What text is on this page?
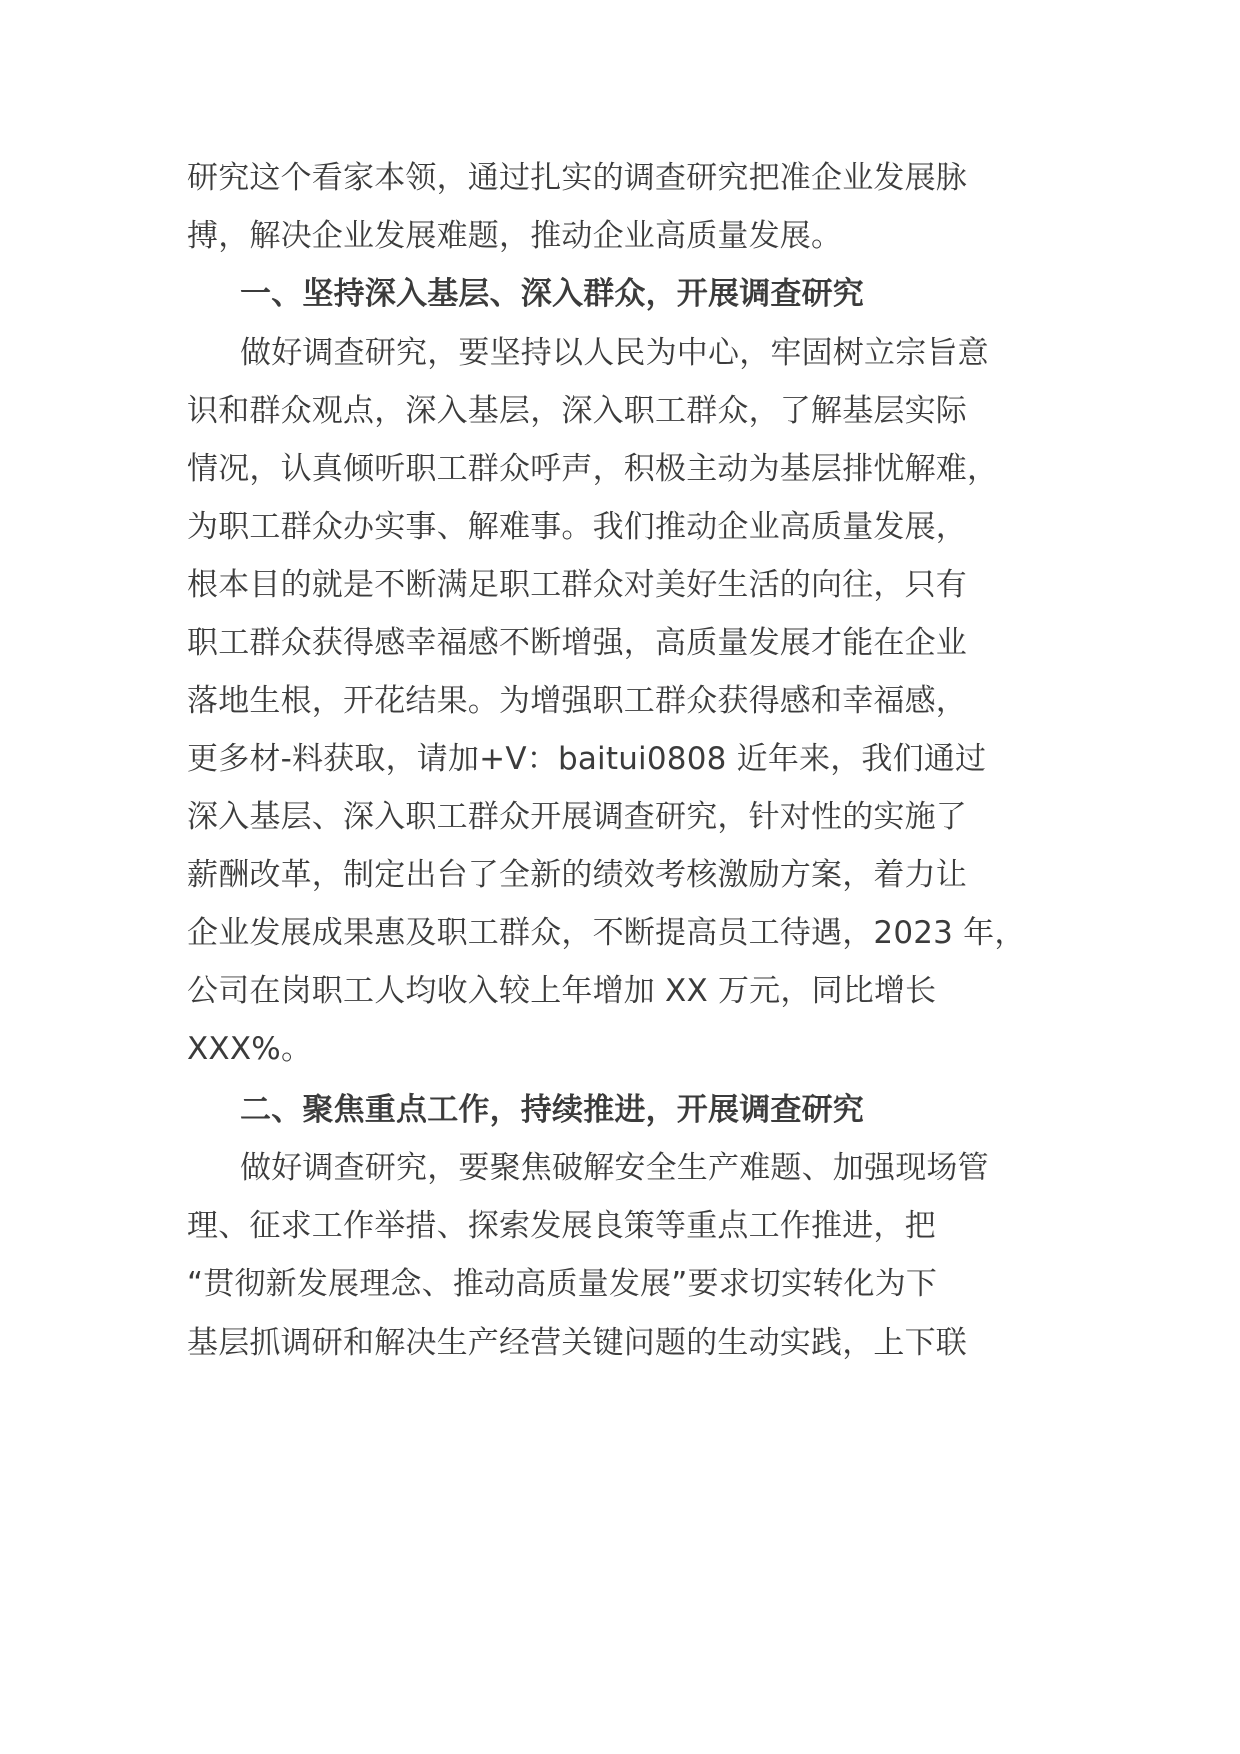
研究这个看家本领，通过扎实的调查研究把准企业发展脉
搏，解决企业发展难题，推动企业高质量发展。
一、坚持深入基层、深入群众，开展调查研究
做好调查研究，要坚持以人民为中心，牢固树立宗旨意
识和群众观点，深入基层，深入职工群众，了解基层实际
情况，认真倾听职工群众呼声，积极主动为基层排忧解难，
为职工群众办实事、解难事。我们推动企业高质量发展，
根本目的就是不断满足职工群众对美好生活的向往，只有
职工群众获得感幸福感不断增强，高质量发展才能在企业
落地生根，开花结果。为增强职工群众获得感和幸福感，
更多材-料获取，请加+V：baitui0808 近年来，我们通过
深入基层、深入职工群众开展调查研究，针对性的实施了
薪酬改革，制定出台了全新的绩效考核激励方案，着力让
企业发展成果惠及职工群众，不断提高员工待遇，2023 年，
公司在岗职工人均收入较上年增加 XX 万元，同比增长
XXX%。
二、聚焦重点工作，持续推进，开展调查研究
做好调查研究，要聚焦破解安全生产难题、加强现场管
理、征求工作举措、探索发展良策等重点工作推进，把
“贯彻新发展理念、推动高质量发展”要求切实转化为下
基层抓调研和解决生产经营关键问题的生动实践，上下联
